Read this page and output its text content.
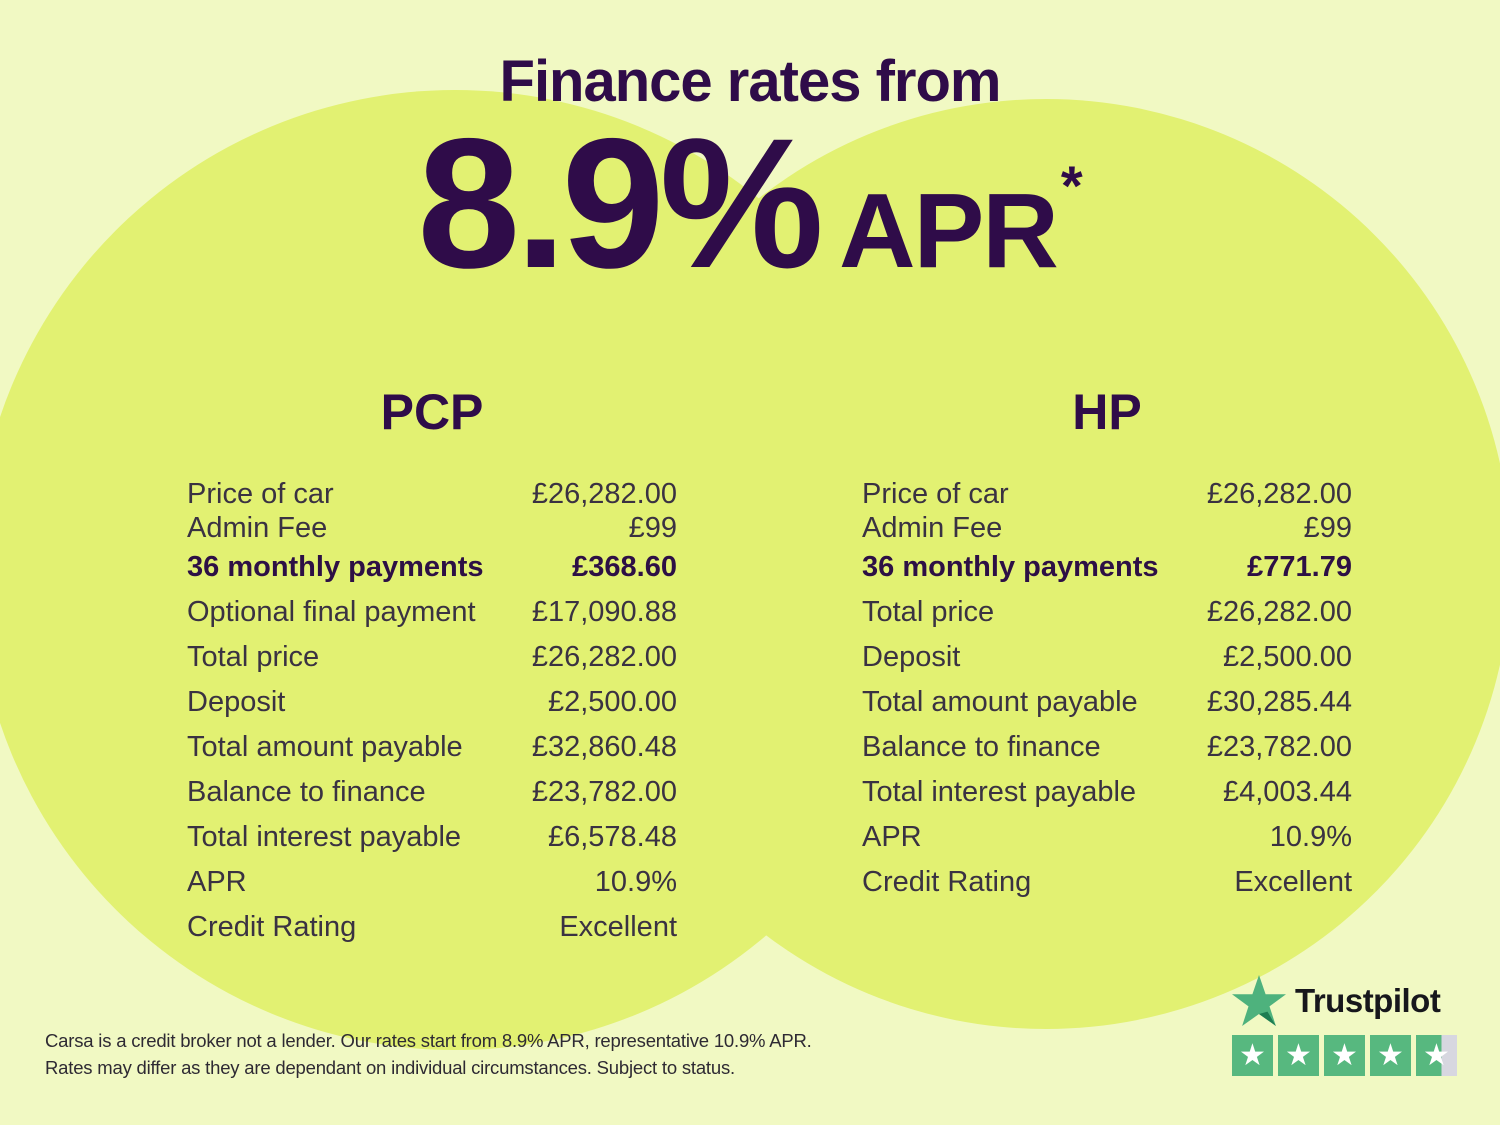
Finance rates from
8.9% APR *
PCP
Price of car	£26,282.00
Admin Fee	£99
36 monthly payments	£368.60
Optional final payment £17,090.88
Total price	£26,282.00
Deposit	£2,500.00
Total amount payable £32,860.48
Balance to finance	£23,782.00
Total interest payable	£6,578.48
APR	10.9%
Credit Rating	Excellent
HP
Price of car	£26,282.00
Admin Fee	£99
36 monthly payments	£771.79
Total price	£26,282.00
Deposit	£2,500.00
Total amount payable £30,285.44
Balance to finance	£23,782.00
Total interest payable	£4,003.44
APR	10.9%
Credit Rating	Excellent
Trustpilot
★ ★ ★ ★ ★
Carsa is a credit broker not a lender. Our rates start from 8.9% APR, representative 10.9% APR.
Rates may differ as they are dependant on individual circumstances. Subject to status.
